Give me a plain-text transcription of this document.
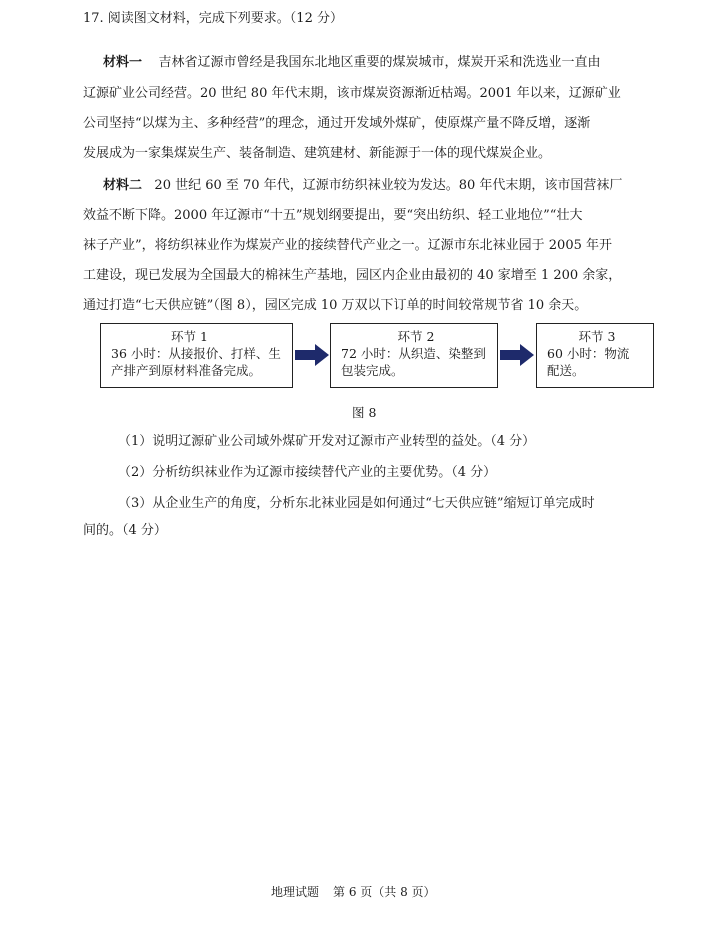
17. 阅读图文材料，完成下列要求。（12 分）
材料一 吉林省辽源市曾经是我国东北地区重要的煤炭城市，煤炭开采和洗选业一直由
辽源矿业公司经营。20 世纪 80 年代末期，该市煤炭资源渐近枯竭。2001 年以来，辽源矿业
公司坚持“以煤为主、多种经营”的理念，通过开发域外煤矿，使原煤产量不降反增，逐渐
发展成为一家集煤炭生产、装备制造、建筑建材、新能源于一体的现代煤炭企业。
材料二 20 世纪 60 至 70 年代，辽源市纺织袜业较为发达。80 年代末期，该市国营袜厂
效益不断下降。2000 年辽源市“十五”规划纲要提出，要“突出纺织、轻工业地位”“壮大
袜子产业”，将纺织袜业作为煤炭产业的接续替代产业之一。辽源市东北袜业园于 2005 年开
工建设，现已发展为全国最大的棉袜生产基地，园区内企业由最初的 40 家增至 1 200 余家，
通过打造“七天供应链”（图 8），园区完成 10 万双以下订单的时间较常规节省 10 余天。
环节 1
36 小时：从接报价、打样、生
产排产到原材料准备完成。
环节 2
72 小时：从织造、染整到
包装完成。
环节 3
60 小时：物流
配送。
图 8
（1）说明辽源矿业公司域外煤矿开发对辽源市产业转型的益处。（4 分）
（2）分析纺织袜业作为辽源市接续替代产业的主要优势。（4 分）
（3）从企业生产的角度，分析东北袜业园是如何通过“七天供应链”缩短订单完成时
间的。（4 分）
地理试题 第 6 页（共 8 页）
